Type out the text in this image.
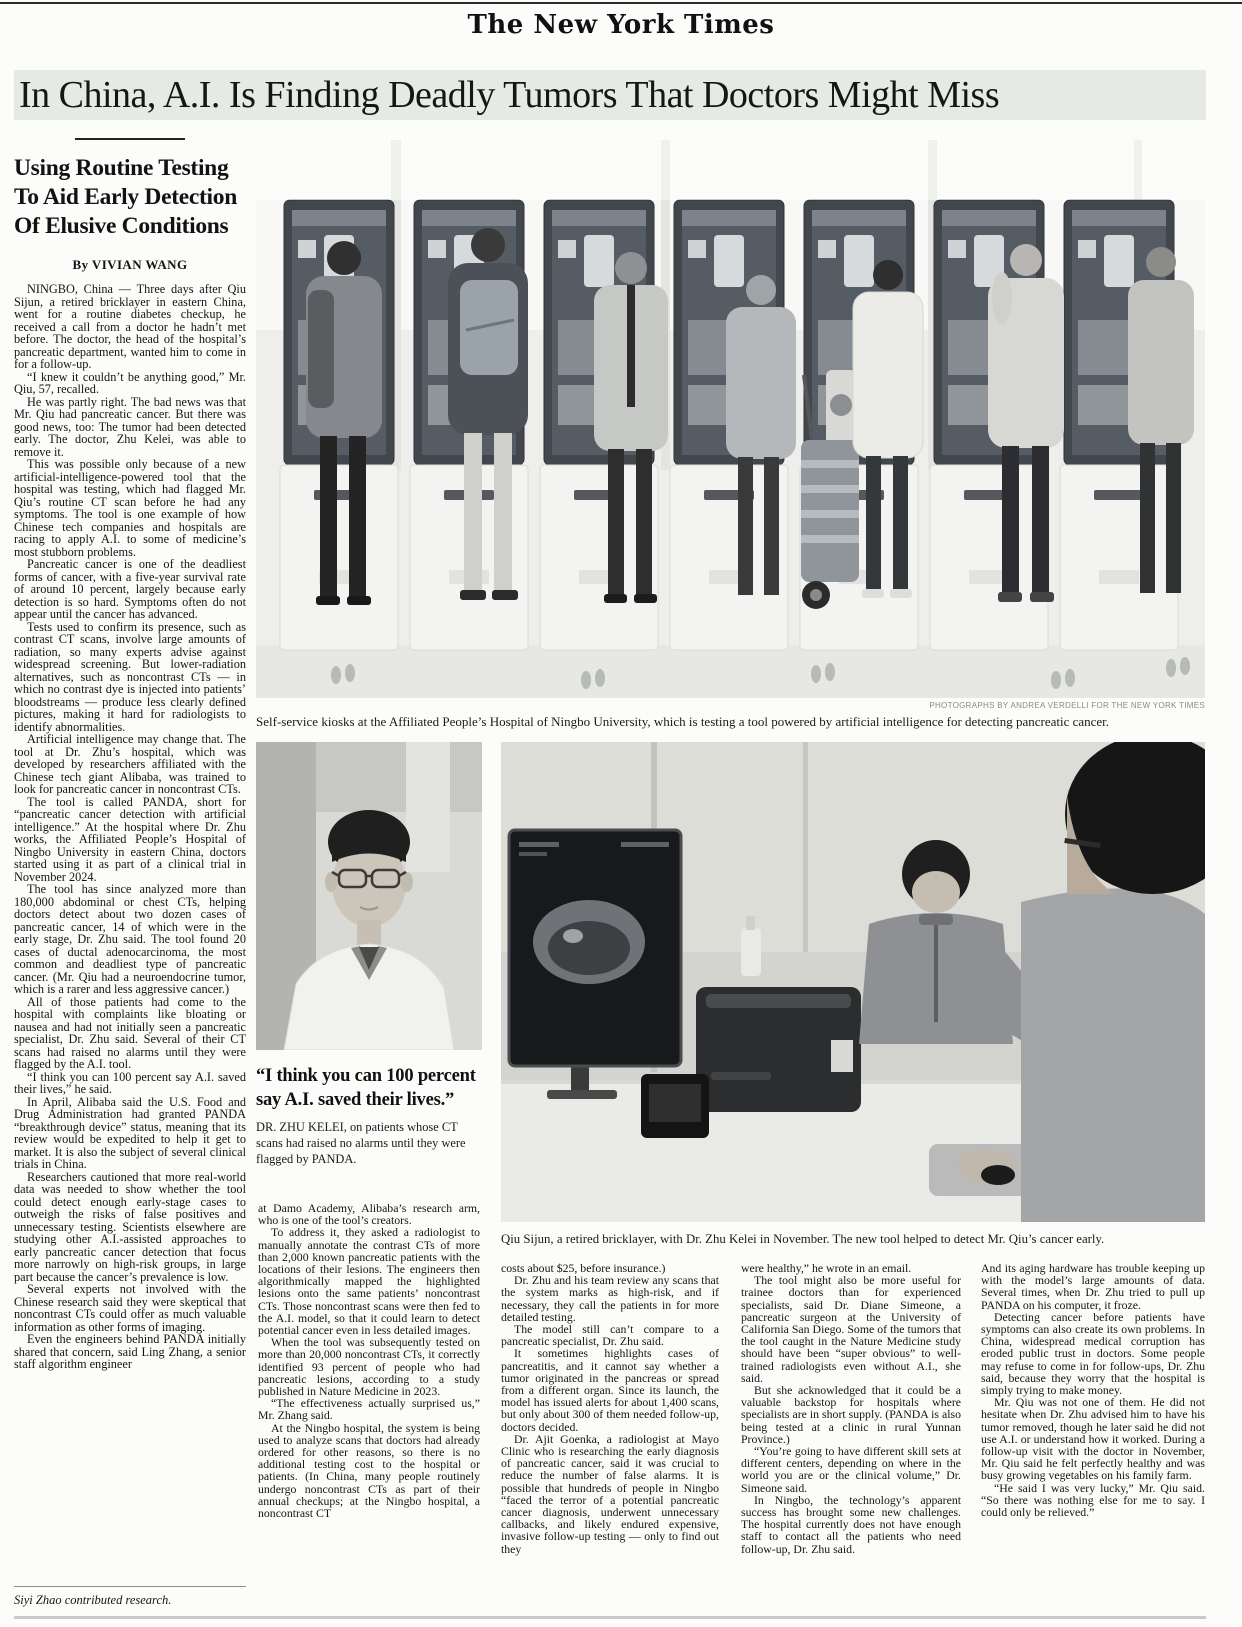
The New York Times
In China, A.I. Is Finding Deadly Tumors That Doctors Might Miss
Using Routine Testing To Aid Early Detection Of Elusive Conditions
By VIVIAN WANG

NINGBO, China — Three days after Qiu Sijun, a retired bricklayer in eastern China, went for a routine diabetes checkup, he received a call from a doctor he hadn’t met before. The doctor, the head of the hospital’s pancreatic department, wanted him to come in for a follow-up.

“I knew it couldn’t be anything good,” Mr. Qiu, 57, recalled.

He was partly right. The bad news was that Mr. Qiu had pancreatic cancer. But there was good news, too: The tumor had been detected early. The doctor, Zhu Kelei, was able to remove it.

This was possible only because of a new artificial-intelligence-powered tool that the hospital was testing, which had flagged Mr. Qiu’s routine CT scan before he had any symptoms. The tool is one example of how Chinese tech companies and hospitals are racing to apply A.I. to some of medicine’s most stubborn problems.

Pancreatic cancer is one of the deadliest forms of cancer, with a five-year survival rate of around 10 percent, largely because early detection is so hard. Symptoms often do not appear until the cancer has advanced.

Tests used to confirm its presence, such as contrast CT scans, involve large amounts of radiation, so many experts advise against widespread screening. But lower-radiation alternatives, such as noncontrast CTs — in which no contrast dye is injected into patients’ bloodstreams — produce less clearly defined pictures, making it hard for radiologists to identify abnormalities.

Artificial intelligence may change that. The tool at Dr. Zhu’s hospital, which was developed by researchers affiliated with the Chinese tech giant Alibaba, was trained to look for pancreatic cancer in noncontrast CTs.

The tool is called PANDA, short for “pancreatic cancer detection with artificial intelligence.” At the hospital where Dr. Zhu works, the Affiliated People’s Hospital of Ningbo University in eastern China, doctors started using it as part of a clinical trial in November 2024.

The tool has since analyzed more than 180,000 abdominal or chest CTs, helping doctors detect about two dozen cases of pancreatic cancer, 14 of which were in the early stage, Dr. Zhu said. The tool found 20 cases of ductal adenocarcinoma, the most common and deadliest type of pancreatic cancer. (Mr. Qiu had a neuroendocrine tumor, which is a rarer and less aggressive cancer.)

All of those patients had come to the hospital with complaints like bloating or nausea and had not initially seen a pancreatic specialist, Dr. Zhu said. Several of their CT scans had raised no alarms until they were flagged by the A.I. tool.

“I think you can 100 percent say A.I. saved their lives,” he said.

In April, Alibaba said the U.S. Food and Drug Administration had granted PANDA “breakthrough device” status, meaning that its review would be expedited to help it get to market. It is also the subject of several clinical trials in China.

Researchers cautioned that more real-world data was needed to show whether the tool could detect enough early-stage cases to outweigh the risks of false positives and unnecessary testing. Scientists elsewhere are studying other A.I.-assisted approaches to early pancreatic cancer detection that focus more narrowly on high-risk groups, in large part because the cancer’s prevalence is low.

Several experts not involved with the Chinese research said they were skeptical that noncontrast CTs could offer as much valuable information as other forms of imaging.

Even the engineers behind PANDA initially shared that concern, said Ling Zhang, a senior staff algorithm engineer

Siyi Zhao contributed research.
PHOTOGRAPHS BY ANDREA VERDELLI FOR THE NEW YORK TIMES
Self-service kiosks at the Affiliated People’s Hospital of Ningbo University, which is testing a tool powered by artificial intelligence for detecting pancreatic cancer.
“I think you can 100 percent say A.I. saved their lives.”
DR. ZHU KELEI, on patients whose CT scans had raised no alarms until they were flagged by PANDA.
Qiu Sijun, a retired bricklayer, with Dr. Zhu Kelei in November. The new tool helped to detect Mr. Qiu’s cancer early.

at Damo Academy, Alibaba’s research arm, who is one of the tool’s creators.

To address it, they asked a radiologist to manually annotate the contrast CTs of more than 2,000 known pancreatic patients with the locations of their lesions. The engineers then algorithmically mapped the highlighted lesions onto the same patients’ noncontrast CTs. Those noncontrast scans were then fed to the A.I. model, so that it could learn to detect potential cancer even in less detailed images.

When the tool was subsequently tested on more than 20,000 noncontrast CTs, it correctly identified 93 percent of people who had pancreatic lesions, according to a study published in Nature Medicine in 2023.

“The effectiveness actually surprised us,” Mr. Zhang said.

At the Ningbo hospital, the system is being used to analyze scans that doctors had already ordered for other reasons, so there is no additional testing cost to the hospital or patients. (In China, many people routinely undergo noncontrast CTs as part of their annual checkups; at the Ningbo hospital, a noncontrast CT

costs about $25, before insurance.)

Dr. Zhu and his team review any scans that the system marks as high-risk, and if necessary, they call the patients in for more detailed testing.

The model still can’t compare to a pancreatic specialist, Dr. Zhu said.

It sometimes highlights cases of pancreatitis, and it cannot say whether a tumor originated in the pancreas or spread from a different organ. Since its launch, the model has issued alerts for about 1,400 scans, but only about 300 of them needed follow-up, doctors decided.

Dr. Ajit Goenka, a radiologist at Mayo Clinic who is researching the early diagnosis of pancreatic cancer, said it was crucial to reduce the number of false alarms. It is possible that hundreds of people in Ningbo “faced the terror of a potential pancreatic cancer diagnosis, underwent unnecessary callbacks, and likely endured expensive, invasive follow-up testing — only to find out they

were healthy,” he wrote in an email.

The tool might also be more useful for trainee doctors than for experienced specialists, said Dr. Diane Simeone, a pancreatic surgeon at the University of California San Diego. Some of the tumors that the tool caught in the Nature Medicine study should have been “super obvious” to well-trained radiologists even without A.I., she said.

But she acknowledged that it could be a valuable backstop for hospitals where specialists are in short supply. (PANDA is also being tested at a clinic in rural Yunnan Province.)

“You’re going to have different skill sets at different centers, depending on where in the world you are or the clinical volume,” Dr. Simeone said.

In Ningbo, the technology’s apparent success has brought some new challenges. The hospital currently does not have enough staff to contact all the patients who need follow-up, Dr. Zhu said.

And its aging hardware has trouble keeping up with the model’s large amounts of data. Several times, when Dr. Zhu tried to pull up PANDA on his computer, it froze.

Detecting cancer before patients have symptoms can also create its own problems. In China, widespread medical corruption has eroded public trust in doctors. Some people may refuse to come in for follow-ups, Dr. Zhu said, because they worry that the hospital is simply trying to make money.

Mr. Qiu was not one of them. He did not hesitate when Dr. Zhu advised him to have his tumor removed, though he later said he did not use A.I. or understand how it worked. During a follow-up visit with the doctor in November, Mr. Qiu said he felt perfectly healthy and was busy growing vegetables on his family farm.

“He said I was very lucky,” Mr. Qiu said. “So there was nothing else for me to say. I could only be relieved.”
